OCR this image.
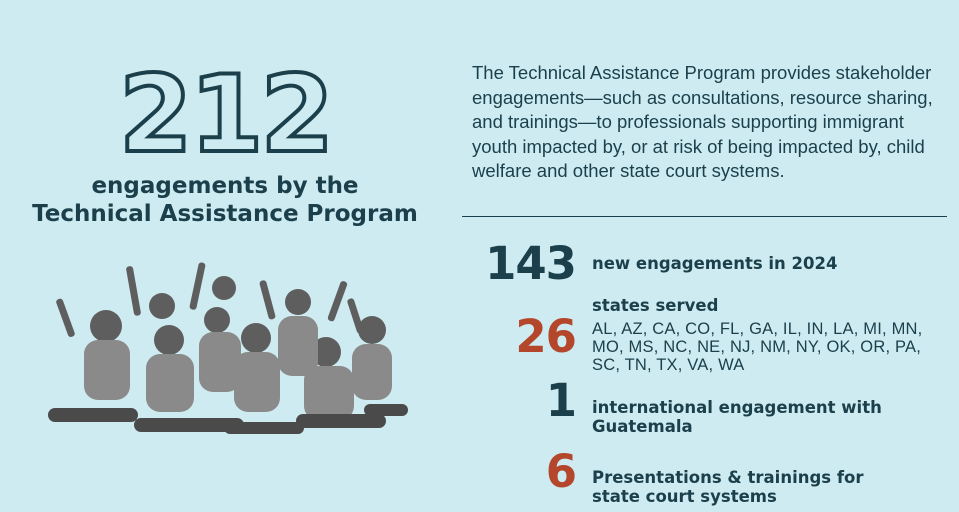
212
engagements by the
Technical Assistance Program
The Technical Assistance Program provides stakeholder engagements—such as consultations, resource sharing, and trainings—to professionals supporting immigrant youth impacted by, or at risk of being impacted by, child welfare and other state court systems.
143 new engagements in 2024
26
states served
AL, AZ, CA, CO, FL, GA, IL, IN, LA, MI, MN, MO, MS, NC, NE, NJ, NM, NY, OK, OR, PA, SC, TN, TX, VA, WA
1 international engagement with Guatemala
6 Presentations & trainings for state court systems
